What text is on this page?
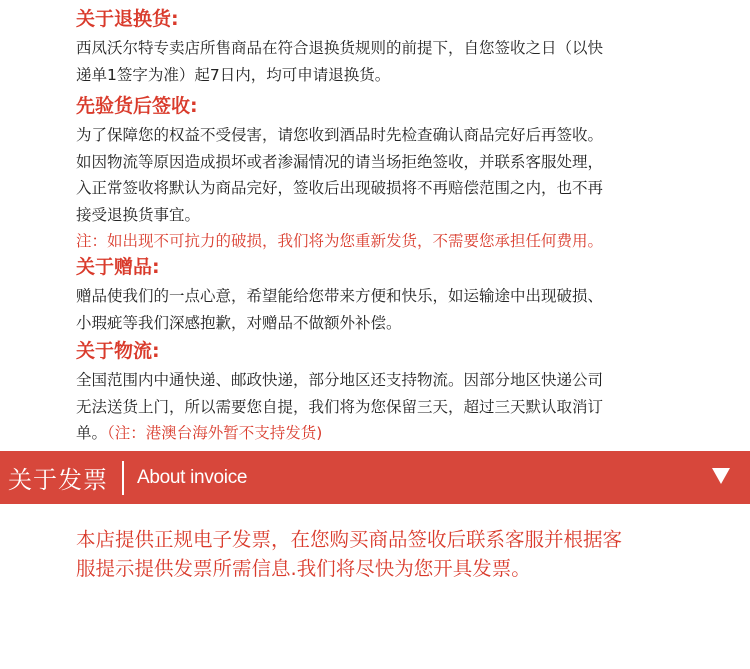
关于退换货:

西凤沃尔特专卖店所售商品在符合退换货规则的前提下，自您签收之日（以快
递单1签字为准）起7日内，均可申请退换货。

先验货后签收:

为了保障您的权益不受侵害，请您收到酒品时先检查确认商品完好后再签收。
如因物流等原因造成损坏或者渗漏情况的请当场拒绝签收，并联系客服处理，
入正常签收将默认为商品完好，签收后出现破损将不再赔偿范围之内，也不再
接受退换货事宜。

注：如出现不可抗力的破损，我们将为您重新发货，不需要您承担任何费用。

关于赠品:

赠品使我们的一点心意，希望能给您带来方便和快乐，如运输途中出现破损、
小瑕疵等我们深感抱歉，对赠品不做额外补偿。

关于物流:

全国范围内中通快递、邮政快递，部分地区还支持物流。因部分地区快递公司
无法送货上门，所以需要您自提，我们将为您保留三天，超过三天默认取消订
单。（注：港澳台海外暂不支持发货)

关于发票 About invoice

本店提供正规电子发票，在您购买商品签收后联系客服并根据客
服提示提供发票所需信息.我们将尽快为您开具发票。
